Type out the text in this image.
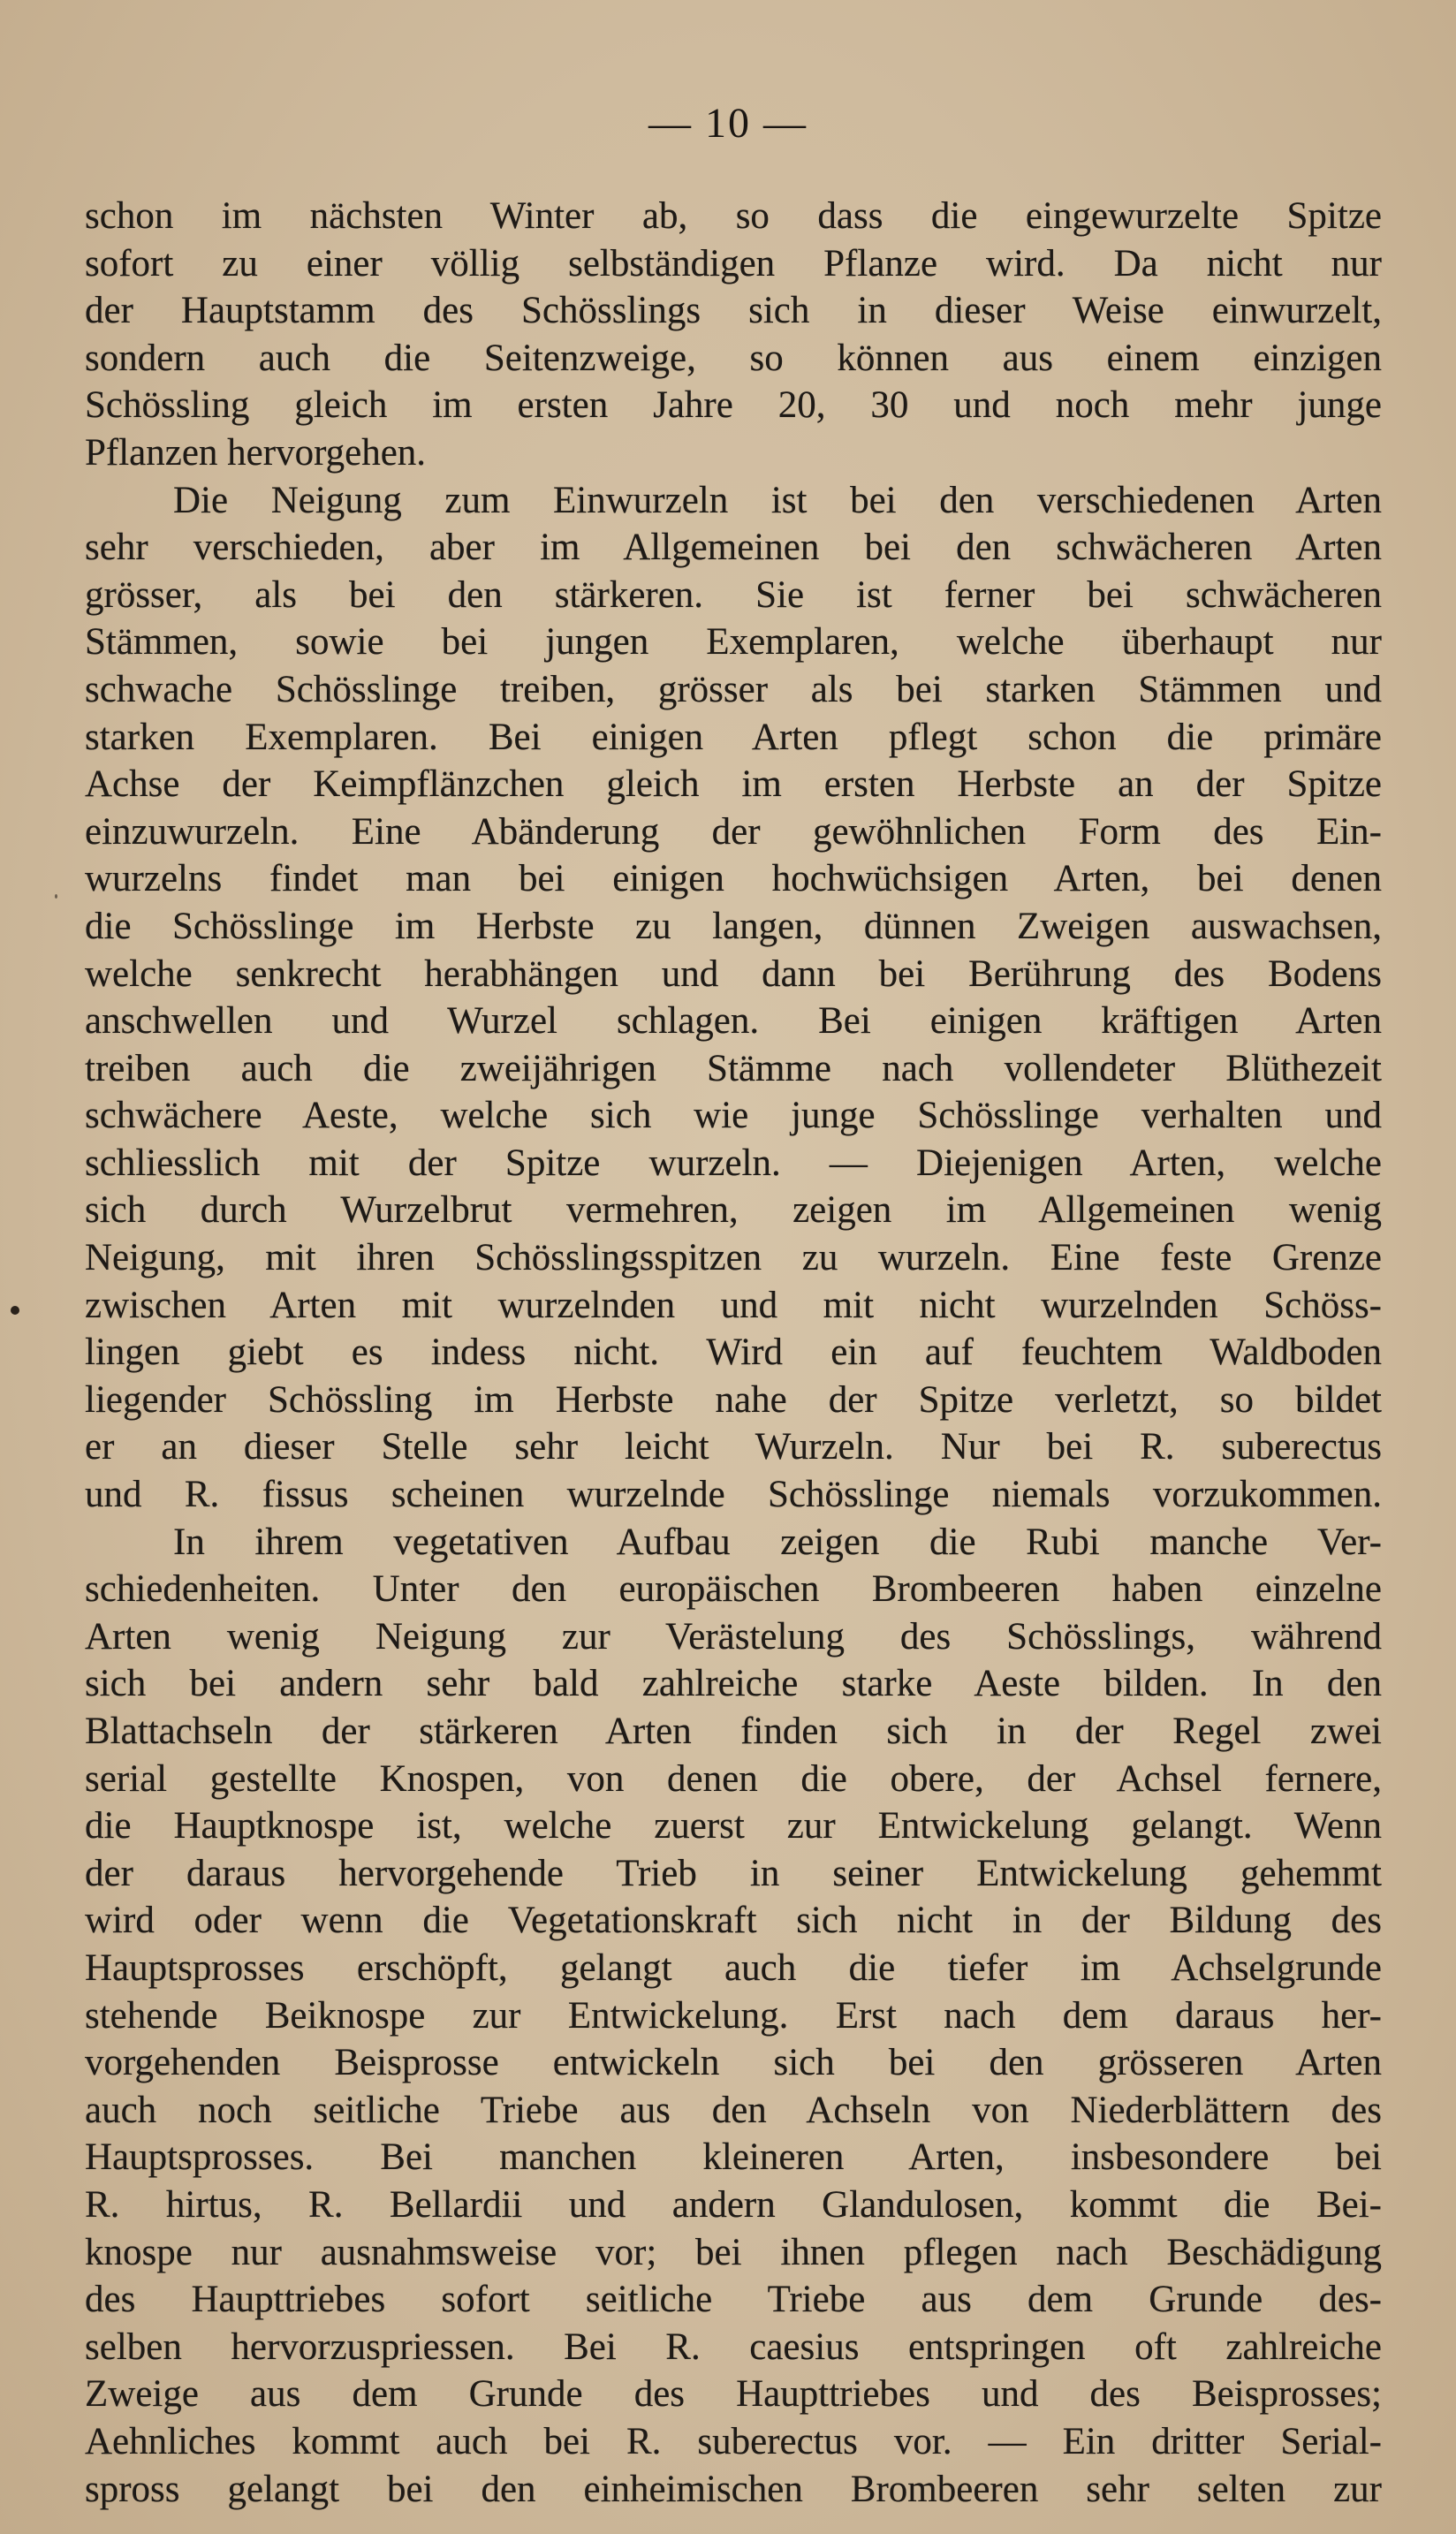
— 10 —
schon im nächsten Winter ab, so dass die eingewurzelte Spitze
sofort zu einer völlig selbständigen Pflanze wird. Da nicht nur
der Hauptstamm des Schösslings sich in dieser Weise einwurzelt,
sondern auch die Seitenzweige, so können aus einem einzigen
Schössling gleich im ersten Jahre 20, 30 und noch mehr junge
Pflanzen hervorgehen.
Die Neigung zum Einwurzeln ist bei den verschiedenen Arten
sehr verschieden, aber im Allgemeinen bei den schwächeren Arten
grösser, als bei den stärkeren. Sie ist ferner bei schwächeren
Stämmen, sowie bei jungen Exemplaren, welche überhaupt nur
schwache Schösslinge treiben, grösser als bei starken Stämmen und
starken Exemplaren. Bei einigen Arten pflegt schon die primäre
Achse der Keimpflänzchen gleich im ersten Herbste an der Spitze
einzuwurzeln. Eine Abänderung der gewöhnlichen Form des Ein-
wurzelns findet man bei einigen hochwüchsigen Arten, bei denen
die Schösslinge im Herbste zu langen, dünnen Zweigen auswachsen,
welche senkrecht herabhängen und dann bei Berührung des Bodens
anschwellen und Wurzel schlagen. Bei einigen kräftigen Arten
treiben auch die zweijährigen Stämme nach vollendeter Blüthezeit
schwächere Aeste, welche sich wie junge Schösslinge verhalten und
schliesslich mit der Spitze wurzeln. — Diejenigen Arten, welche
sich durch Wurzelbrut vermehren, zeigen im Allgemeinen wenig
Neigung, mit ihren Schösslingsspitzen zu wurzeln. Eine feste Grenze
zwischen Arten mit wurzelnden und mit nicht wurzelnden Schöss-
lingen giebt es indess nicht. Wird ein auf feuchtem Waldboden
liegender Schössling im Herbste nahe der Spitze verletzt, so bildet
er an dieser Stelle sehr leicht Wurzeln. Nur bei R. suberectus
und R. fissus scheinen wurzelnde Schösslinge niemals vorzukommen.
In ihrem vegetativen Aufbau zeigen die Rubi manche Ver-
schiedenheiten. Unter den europäischen Brombeeren haben einzelne
Arten wenig Neigung zur Verästelung des Schösslings, während
sich bei andern sehr bald zahlreiche starke Aeste bilden. In den
Blattachseln der stärkeren Arten finden sich in der Regel zwei
serial gestellte Knospen, von denen die obere, der Achsel fernere,
die Hauptknospe ist, welche zuerst zur Entwickelung gelangt. Wenn
der daraus hervorgehende Trieb in seiner Entwickelung gehemmt
wird oder wenn die Vegetationskraft sich nicht in der Bildung des
Hauptsprosses erschöpft, gelangt auch die tiefer im Achselgrunde
stehende Beiknospe zur Entwickelung. Erst nach dem daraus her-
vorgehenden Beisprosse entwickeln sich bei den grösseren Arten
auch noch seitliche Triebe aus den Achseln von Niederblättern des
Hauptsprosses. Bei manchen kleineren Arten, insbesondere bei
R. hirtus, R. Bellardii und andern Glandulosen, kommt die Bei-
knospe nur ausnahmsweise vor; bei ihnen pflegen nach Beschädigung
des Haupttriebes sofort seitliche Triebe aus dem Grunde des-
selben hervorzuspriessen. Bei R. caesius entspringen oft zahlreiche
Zweige aus dem Grunde des Haupttriebes und des Beisprosses;
Aehnliches kommt auch bei R. suberectus vor. — Ein dritter Serial-
spross gelangt bei den einheimischen Brombeeren sehr selten zur
